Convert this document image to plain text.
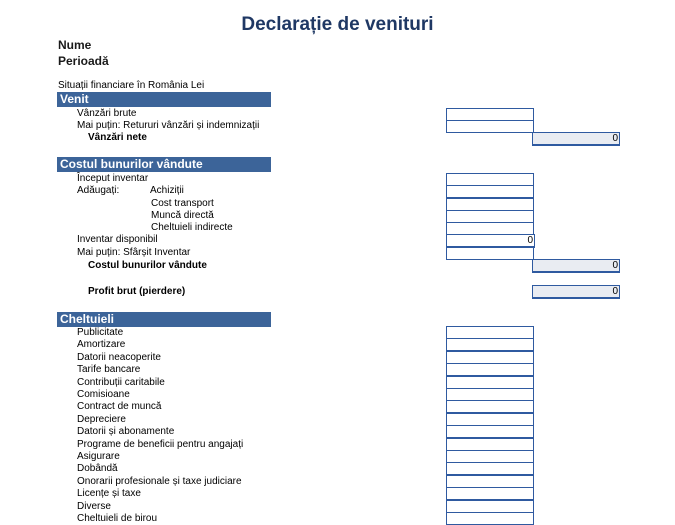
Declarație de venituri
Nume
Perioadă
Situații financiare în România Lei
Venit
Vânzări brute
Mai puțin: Retururi vânzări și indemnizații
Vânzări nete	0
Costul bunurilor vândute
Început inventar
Adăugați:	Achiziții
Cost transport
Muncă directă
Cheltuieli indirecte
Inventar disponibil	0
Mai puțin: Sfârșit Inventar
Costul bunurilor vândute	0
Profit brut (pierdere)	0
Cheltuieli
Publicitate
Amortizare
Datorii neacoperite
Tarife bancare
Contribuții caritabile
Comisioane
Contract de muncă
Depreciere
Datorii și abonamente
Programe de beneficii pentru angajați
Asigurare
Dobândă
Onorarii profesionale și taxe judiciare
Licențe și taxe
Diverse
Cheltuieli de birou
